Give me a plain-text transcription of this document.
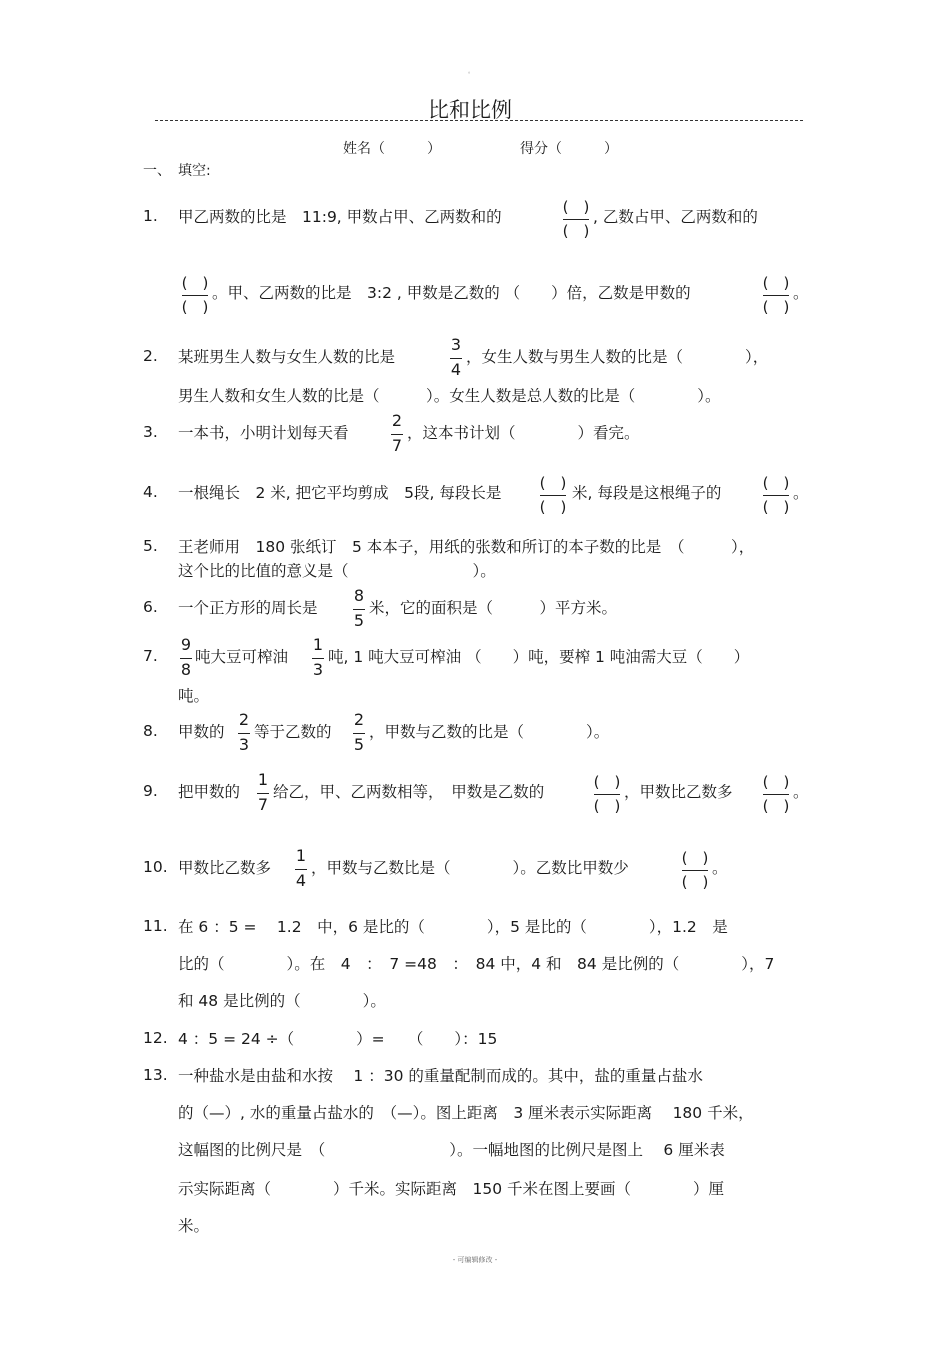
。
比和比例
姓名（　　　）	得分（　　　）
一、　填空:
1. 甲乙两数的比是　11:9, 甲数占甲、乙两数和的
(　)
(　)
, 乙数占甲、乙两数和的
(　)
(　)
。甲、乙两数的比是　3:2 , 甲数是乙数的 （　　）倍，乙数是甲数的
(　)
(　)
。
2. 某班男生人数与女生人数的比是
3
4
，女生人数与男生人数的比是（　　　　），
男生人数和女生人数的比是（　　　）。女生人数是总人数的比是（　　　　）。
3. 一本书，小明计划每天看
2
7
，这本书计划（　　　　）看完。
4. 一根绳长　2 米, 把它平均剪成　5段, 每段长是
(　)
(　)
米, 每段是这根绳子的
(　)
(　)
。
5. 王老师用　180 张纸订　5 本本子，用纸的张数和所订的本子数的比是　（　　　），
这个比的比值的意义是（　　　　　　　　）。
6. 一个正方形的周长是
8
5
米，它的面积是（　　　）平方米。
7.
9
8
吨大豆可榨油
1
3
吨, 1 吨大豆可榨油 （　　）吨，要榨 1 吨油需大豆（　　）
吨。
8. 甲数的
2
3
等于乙数的
2
5
，甲数与乙数的比是（　　　　）。
9. 把甲数的
1
7
给乙，甲、乙两数相等，　甲数是乙数的
(　)
(　)
，甲数比乙数多
(　)
(　)
。
10. 甲数比乙数多
1
4
，甲数与乙数比是（　　　　）。乙数比甲数少
(　)
(　)
。
11. 在 6 ：5 =　 1.2　中，6 是比的（　　　　），5 是比的（　　　　），1.2　是
比的（　　　　）。在　4　：　7 =48　：　84 中，4 和　84 是比例的（　　　　），7
和 48 是比例的（　　　　）。
12. 4 ：5 = 24 ÷（　　　　）=　　（　　）：15
13. 一种盐水是由盐和水按　 1 ：30 的重量配制而成的。其中，盐的重量占盐水
的（—）, 水的重量占盐水的　（—）。图上距离　3 厘米表示实际距离　 180 千米，
这幅图的比例尺是　（　　　　　　　　）。一幅地图的比例尺是图上　 6 厘米表
示实际距离（　　　　）千米。实际距离　150 千米在图上要画（　　　　）厘
米。
- 可编辑修改 -
